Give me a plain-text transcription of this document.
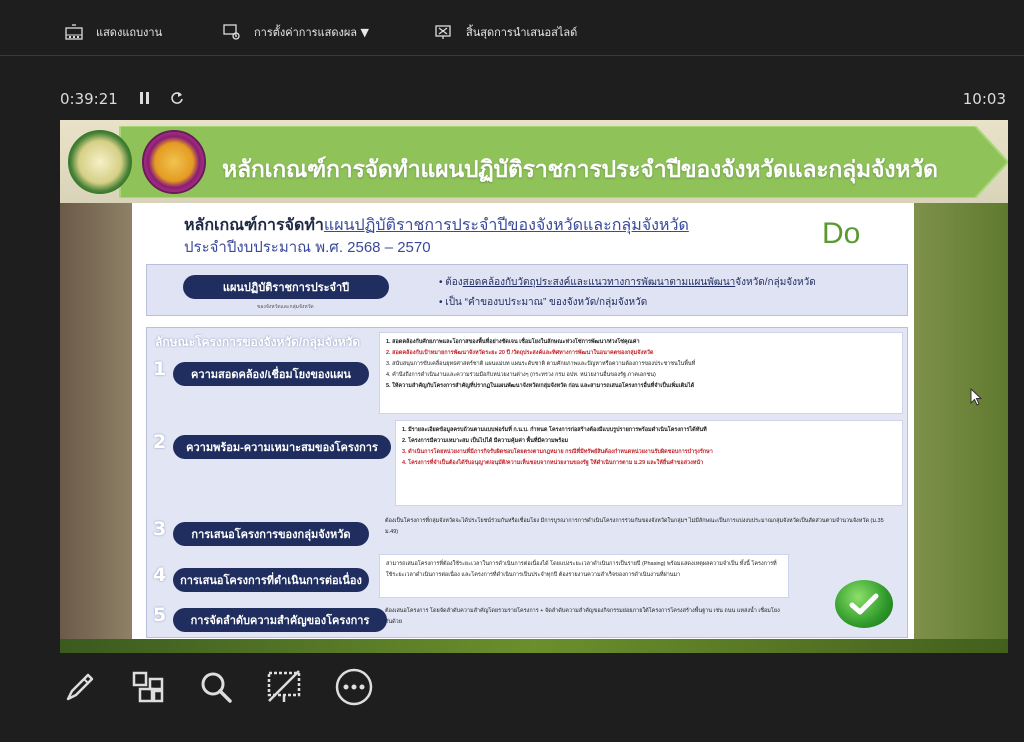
แสดงแถบงาน	การตั้งค่าการแสดงผล ▼	สิ้นสุดการนำเสนอสไลด์
0:39:21	10:03
หลักเกณฑ์การจัดทำแผนปฏิบัติราชการประจำปีของจังหวัดและกลุ่มจังหวัด
หลักเกณฑ์การจัดทำแผนปฏิบัติราชการประจำปีของจังหวัดและกลุ่มจังหวัด
ประจำปีงบประมาณ พ.ศ. 2568 – 2570	Do
แผนปฏิบัติราชการประจำปี
ของจังหวัดและกลุ่มจังหวัด
• ต้องสอดคล้องกับวัตถุประสงค์และแนวทางการพัฒนาตามแผนพัฒนาจังหวัด/กลุ่มจังหวัด
• เป็น “คำของบประมาณ” ของจังหวัด/กลุ่มจังหวัด
ลักษณะโครงการของจังหวัด/กลุ่มจังหวัด
1	ความสอดคล้อง/เชื่อมโยงของแผน
1. สอดคล้องกับศักยภาพและโอกาสของพื้นที่อย่างชัดเจน เชื่อมโยงในลักษณะห่วงโซ่การพัฒนา/ห่วงโซ่คุณค่า
2. สอดคล้องกับเป้าหมายการพัฒนาจังหวัดระยะ 20 ปี /วัตถุประสงค์และทิศทางการพัฒนาในอนาคตของกลุ่มจังหวัด
3. สนับสนุนการขับเคลื่อนยุทธศาสตร์ชาติ แผนแม่บท แผนระดับชาติ ตามศักยภาพและปัญหาหรือความต้องการของประชาชนในพื้นที่
4. คำนึงถึงการดำเนินงานและความร่วมมือกับหน่วยงานต่างๆ (กระทรวง กรม อปท. หน่วยงานอื่นของรัฐ ภาคเอกชน)
5. ให้ความสำคัญกับโครงการสำคัญที่ปรากฏในแผนพัฒนาจังหวัด/กลุ่มจังหวัด ก่อน และสามารถเสนอโครงการอื่นที่จำเป็นเพิ่มเติมได้
2	ความพร้อม-ความเหมาะสมของโครงการ
1. มีรายละเอียดข้อมูลครบถ้วนตามแบบฟอร์มที่ ก.น.บ. กำหนด โครงการก่อสร้างต้องมีแบบรูปรายการพร้อมดำเนินโครงการได้ทันที
2. โครงการมีความเหมาะสม เป็นไปได้ มีความคุ้มค่า พื้นที่มีความพร้อม
3. ดำเนินการโดยหน่วยงานที่มีภารกิจรับผิดชอบโดยตรงตามกฎหมาย กรณีที่มีทรัพย์สินต้องกำหนดหน่วยงานรับผิดชอบการบำรุงรักษา
4. โครงการที่จำเป็นต้องได้รับอนุญาต/อนุมัติ/ความเห็นชอบจากหน่วยงานของรัฐ ให้ดำเนินการตาม ม.29 และให้ยื่นคำขอล่วงหน้า
3	การเสนอโครงการของกลุ่มจังหวัด
ต้องเป็นโครงการที่กลุ่มจังหวัดจะได้ประโยชน์ร่วมกันหรือเชื่อมโยง มีการบูรณาการการดำเนินโครงการร่วมกันของจังหวัดในกลุ่มฯ ไม่มีลักษณะเป็นการแบ่งงบประมาณกลุ่มจังหวัดเป็นสัดส่วนตามจำนวนจังหวัด (ม.35 ม.49)
4	การเสนอโครงการที่ดำเนินการต่อเนื่อง
สามารถเสนอโครงการที่ต้องใช้ระยะเวลาในการดำเนินการต่อเนื่องได้ โดยแบ่งระยะเวลาดำเนินการเป็นรายปี (Phasing) พร้อมแสดงเหตุผลความจำเป็น ทั้งนี้ โครงการที่ใช้ระยะเวลาดำเนินการต่อเนื่อง และโครงการที่ดำเนินการเป็นประจำทุกปี ต้องรายงานความสำเร็จของการดำเนินงานที่ผ่านมา
5	การจัดลำดับความสำคัญของโครงการ
ต้องเสนอโครงการ โดยจัดลำดับความสำคัญโดยรวมรายโครงการ + จัดลำดับความสำคัญของกิจกรรมย่อยภายใต้โครงการโครงสร้างพื้นฐาน เช่น ถนน แหล่งน้ำ เชื่อมโยงกันด้วย
